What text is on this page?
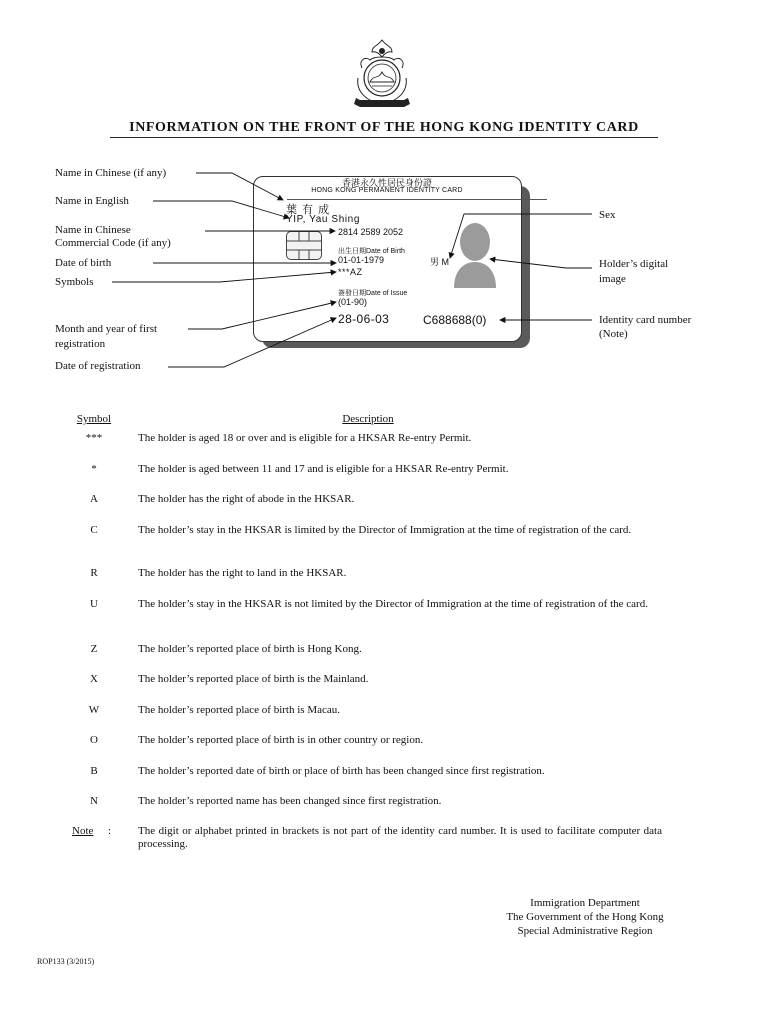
INFORMATION ON THE FRONT OF THE HONG KONG IDENTITY CARD
香港永久性居民身份證
HONG KONG PERMANENT IDENTITY CARD
葉 有 成
YIP, Yau Shing
2814 2589 2052
出生日期Date of Birth
01-01-1979	男 M
***AZ
簽發日期Date of Issue
(01-90)
28-06-03	C688688(0)
Name in Chinese (if any)
Name in English
Name in Chinese
Commercial Code (if any)
Date of birth
Symbols
Month and year of first
registration
Date of registration
Sex
Holder’s digital
image
Identity card number
(Note)
Symbol	Description
***	The holder is aged 18 or over and is eligible for a HKSAR Re-entry Permit.
*	The holder is aged between 11 and 17 and is eligible for a HKSAR Re-entry Permit.
A	The holder has the right of abode in the HKSAR.
C	The holder’s stay in the HKSAR is limited by the Director of Immigration at the time of registration of the card.
R	The holder has the right to land in the HKSAR.
U	The holder’s stay in the HKSAR is not limited by the Director of Immigration at the time of registration of the card.
Z	The holder’s reported place of birth is Hong Kong.
X	The holder’s reported place of birth is the Mainland.
W	The holder’s reported place of birth is Macau.
O	The holder’s reported place of birth is in other country or region.
B	The holder’s reported date of birth or place of birth has been changed since first registration.
N	The holder’s reported name has been changed since first registration.
Note : The digit or alphabet printed in brackets is not part of the identity card number. It is used to facilitate computer data processing.
Immigration Department
The Government of the Hong Kong
Special Administrative Region
ROP133 (3/2015)
